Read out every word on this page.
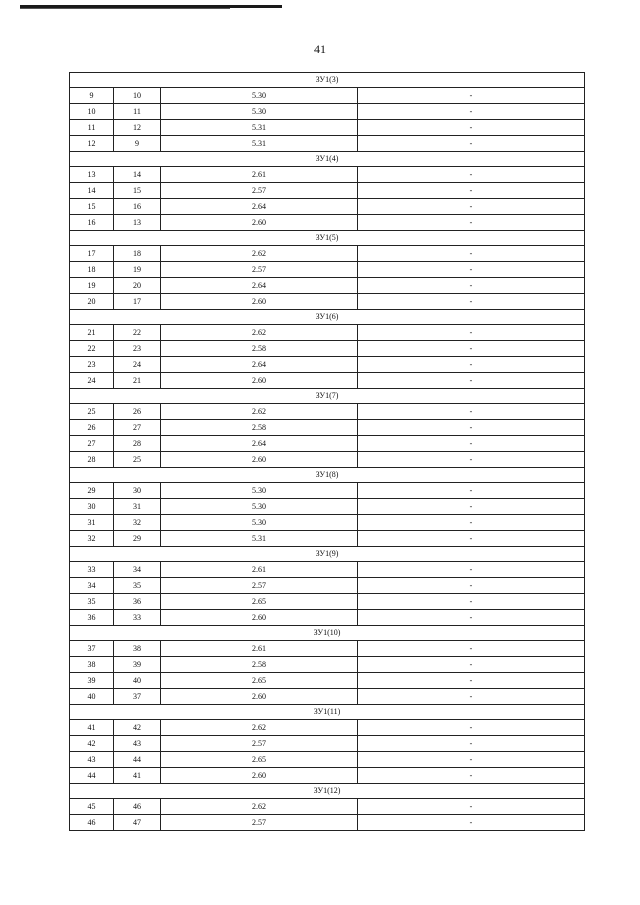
41
ЗУ1(3)			
9	10	5.30	-
10	11	5.30	-
11	12	5.31	-
12	9	5.31	-
ЗУ1(4)			
13	14	2.61	-
14	15	2.57	-
15	16	2.64	-
16	13	2.60	-
ЗУ1(5)			
17	18	2.62	-
18	19	2.57	-
19	20	2.64	-
20	17	2.60	-
ЗУ1(6)			
21	22	2.62	-
22	23	2.58	-
23	24	2.64	-
24	21	2.60	-
ЗУ1(7)			
25	26	2.62	-
26	27	2.58	-
27	28	2.64	-
28	25	2.60	-
ЗУ1(8)			
29	30	5.30	-
30	31	5.30	-
31	32	5.30	-
32	29	5.31	-
ЗУ1(9)			
33	34	2.61	-
34	35	2.57	-
35	36	2.65	-
36	33	2.60	-
ЗУ1(10)			
37	38	2.61	-
38	39	2.58	-
39	40	2.65	-
40	37	2.60	-
ЗУ1(11)			
41	42	2.62	-
42	43	2.57	-
43	44	2.65	-
44	41	2.60	-
ЗУ1(12)			
45	46	2.62	-
46	47	2.57	-
